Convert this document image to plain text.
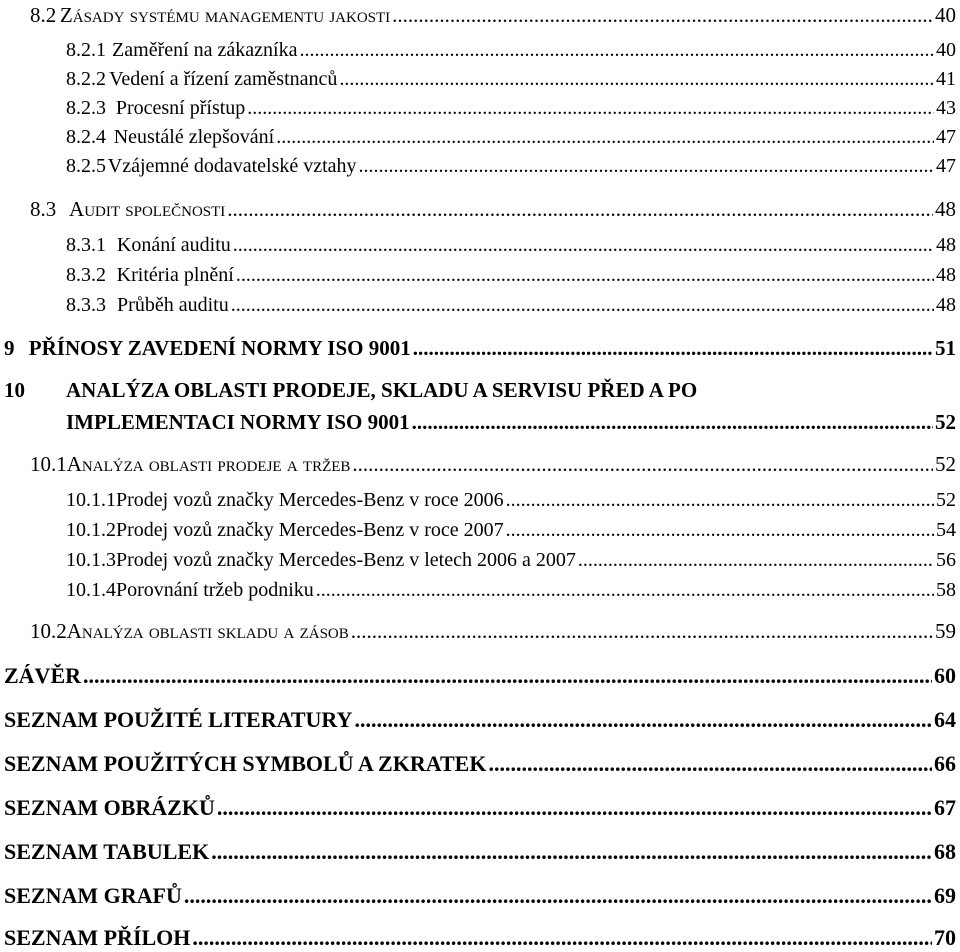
8.2 Zásady systému managementu jakosti .....	40
8.2.1 Zaměření na zákazníka .....	40
8.2.2 Vedení a řízení zaměstnanců .....	41
8.2.3 Procesní přístup .....	43
8.2.4 Neustálé zlepšování .....	47
8.2.5 Vzájemné dodavatelské vztahy .....	47
8.3 Audit společnosti .....	48
8.3.1 Konání auditu .....	48
8.3.2 Kritéria plnění .....	48
8.3.3 Průběh auditu .....	48
9 PŘÍNOSY ZAVEDENÍ NORMY ISO 9001 .....	51
10 ANALÝZA OBLASTI PRODEJE, SKLADU A SERVISU PŘED A PO
IMPLEMENTACI NORMY ISO 9001 .....	52
10.1 Analýza oblasti prodeje a tržeb .....	52
10.1.1 Prodej vozů značky Mercedes-Benz v roce 2006 .....	52
10.1.2 Prodej vozů značky Mercedes-Benz v roce 2007 .....	54
10.1.3 Prodej vozů značky Mercedes-Benz v letech 2006 a 2007 .....	56
10.1.4 Porovnání tržeb podniku .....	58
10.2 Analýza oblasti skladu a zásob .....	59
ZÁVĚR .....	60
SEZNAM POUŽITÉ LITERATURY .....	64
SEZNAM POUŽITÝCH SYMBOLŮ A ZKRATEK .....	66
SEZNAM OBRÁZKŮ .....	67
SEZNAM TABULEK .....	68
SEZNAM GRAFŮ .....	69
SEZNAM PŘÍLOH .....	70
